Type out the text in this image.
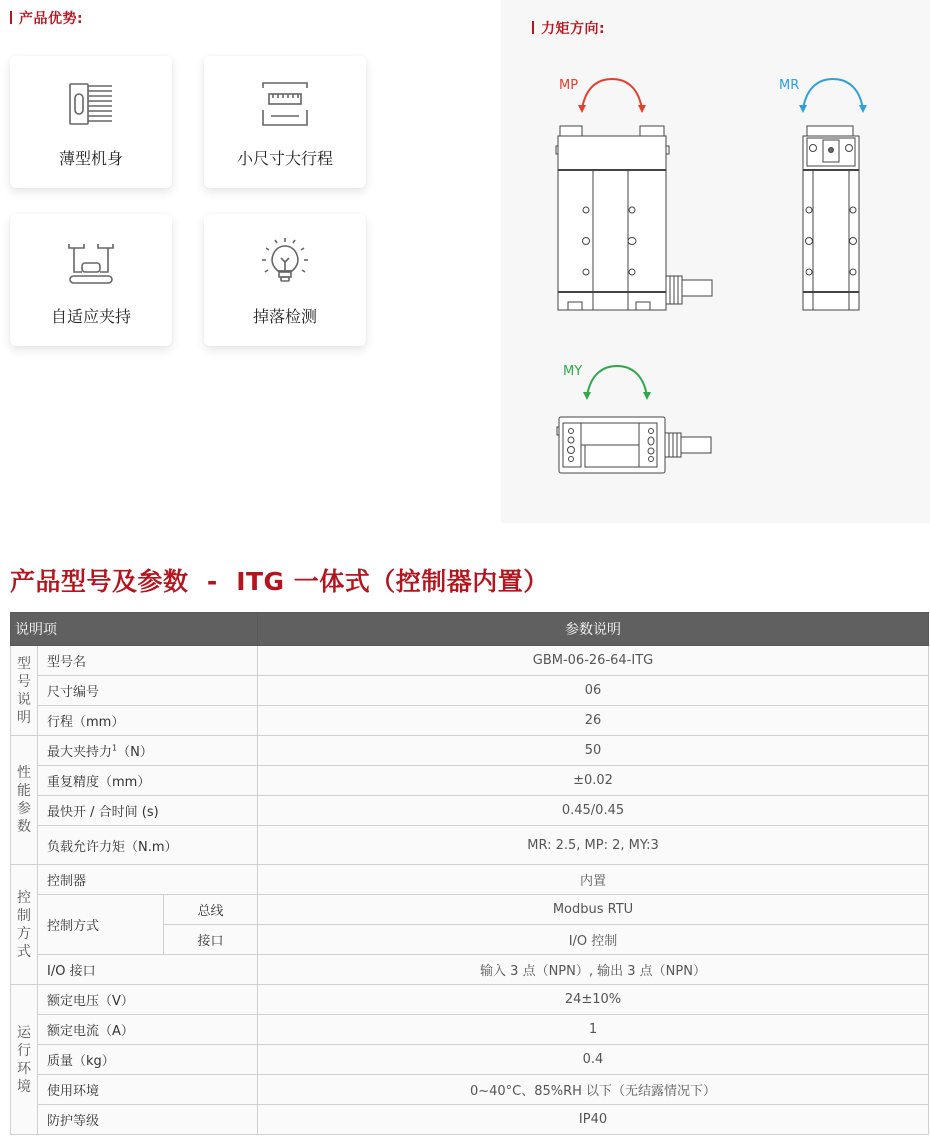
产品优势:
薄型机身	小尺寸大行程
自适应夹持	掉落检测
力矩方向:
MP	MR
MY
产品型号及参数  -  ITG 一体式（控制器内置）
说明项			参数说明
型号说明	型号名		GBM-06-26-64-ITG
	尺寸编号		06
	行程（mm）		26
性能参数	最大夹持力$^1$（N）		50
	重复精度（mm）		±0.02
	最快开 / 合时间 (s)		0.45/0.45
	负载允许力矩（N.m）		MR: 2.5, MP: 2, MY:3
控制方式	控制器		内置
	控制方式	总线	Modbus RTU
		接口	I/O 控制
	I/O 接口		输入 3 点（NPN）, 输出 3 点（NPN）
运行环境	额定电压（V）		24±10%
	额定电流（A）		1
	质量（kg）		0.4
	使用环境		0~40°C、85%RH 以下（无结露情况下）
	防护等级		IP40
